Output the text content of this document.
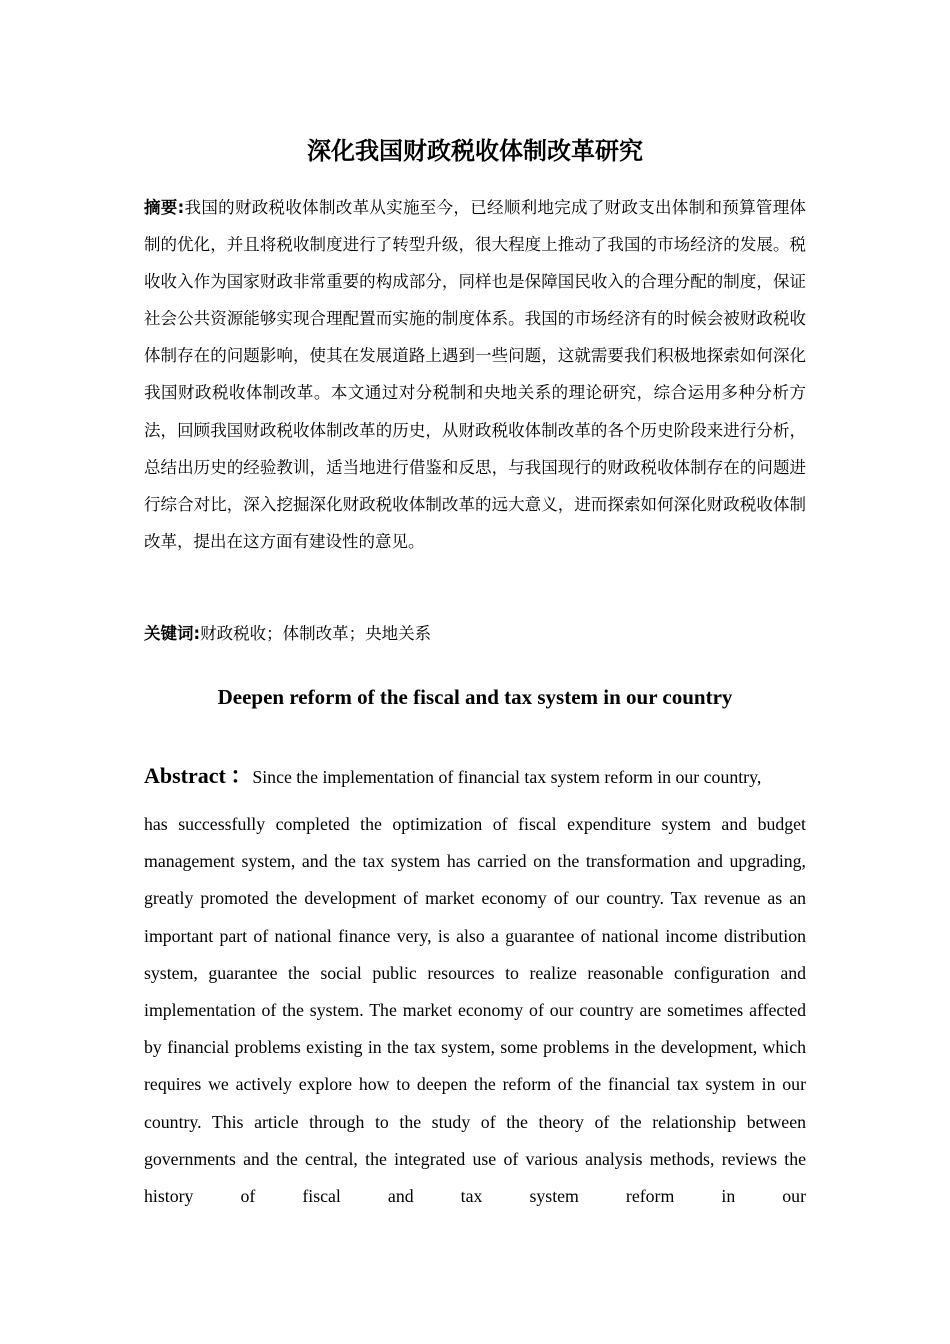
深化我国财政税收体制改革研究

摘要:我国的财政税收体制改革从实施至今，已经顺利地完成了财政支出体制和预算管理体制的优化，并且将税收制度进行了转型升级，很大程度上推动了我国的市场经济的发展。税收收入作为国家财政非常重要的构成部分，同样也是保障国民收入的合理分配的制度，保证社会公共资源能够实现合理配置而实施的制度体系。我国的市场经济有的时候会被财政税收体制存在的问题影响，使其在发展道路上遇到一些问题，这就需要我们积极地探索如何深化我国财政税收体制改革。本文通过对分税制和央地关系的理论研究，综合运用多种分析方法，回顾我国财政税收体制改革的历史，从财政税收体制改革的各个历史阶段来进行分析，总结出历史的经验教训，适当地进行借鉴和反思，与我国现行的财政税收体制存在的问题进行综合对比，深入挖掘深化财政税收体制改革的远大意义，进而探索如何深化财政税收体制改革，提出在这方面有建设性的意见。

关键词:财政税收；体制改革；央地关系

Deepen reform of the fiscal and tax system in our country

Abstract ：Since the implementation of financial tax system reform in our country,

has successfully completed the optimization of fiscal expenditure system and budget management system, and the tax system has carried on the transformation and upgrading, greatly promoted the development of market economy of our country. Tax revenue as an important part of national finance very, is also a guarantee of national income distribution system, guarantee the social public resources to realize reasonable configuration and implementation of the system. The market economy of our country are sometimes affected by financial problems existing in the tax system, some problems in the development, which requires we actively explore how to deepen the reform of the financial tax system in our country. This article through to the study of the theory of the relationship between governments and the central, the integrated use of various analysis methods, reviews the history of fiscal and tax system reform in our
